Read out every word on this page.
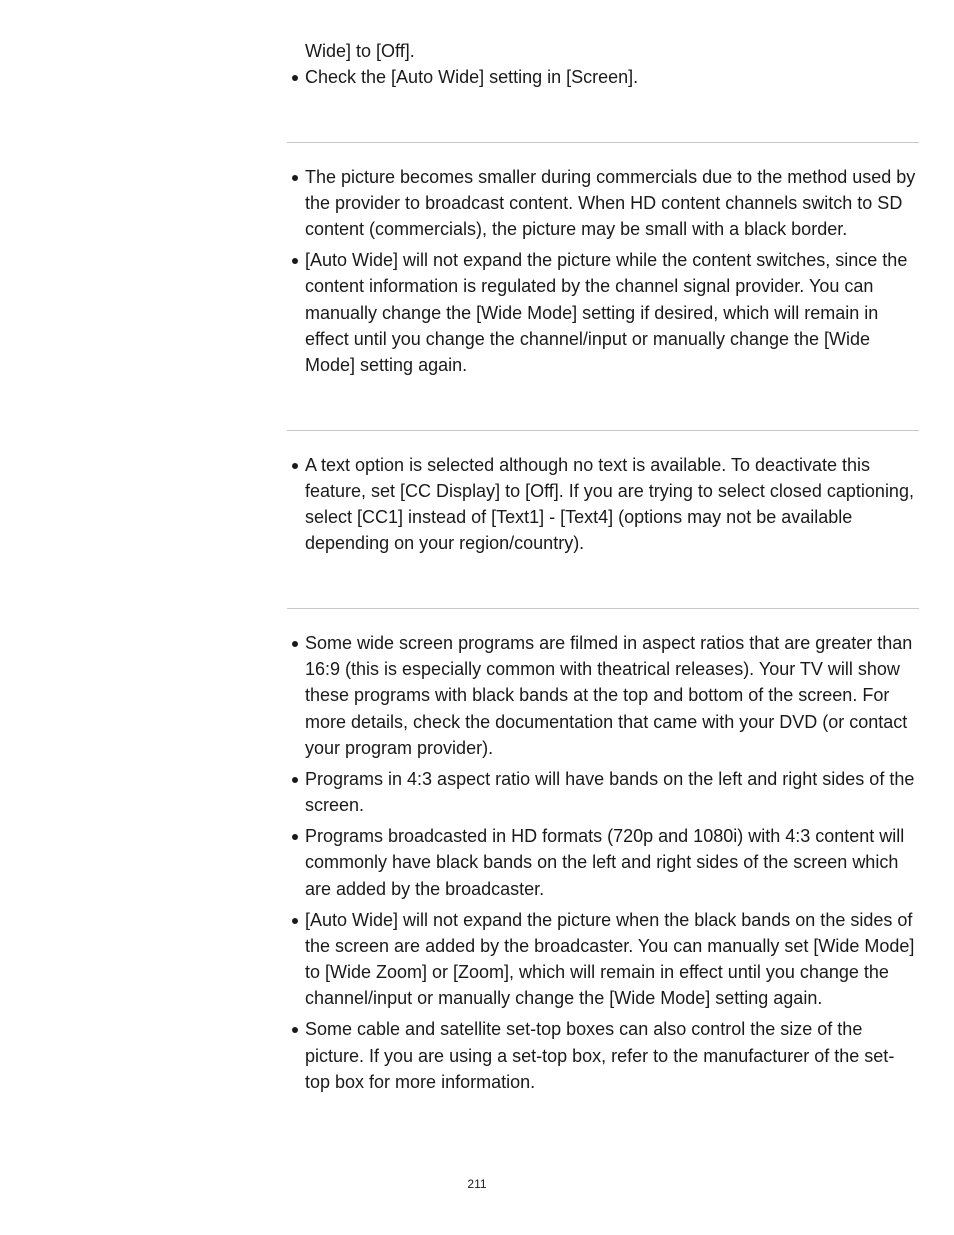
Wide] to [Off].
Check the [Auto Wide] setting in [Screen].
The picture becomes smaller during commercials due to the method used by the provider to broadcast content. When HD content channels switch to SD content (commercials), the picture may be small with a black border.
[Auto Wide] will not expand the picture while the content switches, since the content information is regulated by the channel signal provider. You can manually change the [Wide Mode] setting if desired, which will remain in effect until you change the channel/input or manually change the [Wide Mode] setting again.
A text option is selected although no text is available. To deactivate this feature, set [CC Display] to [Off]. If you are trying to select closed captioning, select [CC1] instead of [Text1] - [Text4] (options may not be available depending on your region/country).
Some wide screen programs are filmed in aspect ratios that are greater than 16:9 (this is especially common with theatrical releases). Your TV will show these programs with black bands at the top and bottom of the screen. For more details, check the documentation that came with your DVD (or contact your program provider).
Programs in 4:3 aspect ratio will have bands on the left and right sides of the screen.
Programs broadcasted in HD formats (720p and 1080i) with 4:3 content will commonly have black bands on the left and right sides of the screen which are added by the broadcaster.
[Auto Wide] will not expand the picture when the black bands on the sides of the screen are added by the broadcaster. You can manually set [Wide Mode] to [Wide Zoom] or [Zoom], which will remain in effect until you change the channel/input or manually change the [Wide Mode] setting again.
Some cable and satellite set-top boxes can also control the size of the picture. If you are using a set-top box, refer to the manufacturer of the set-top box for more information.
211
